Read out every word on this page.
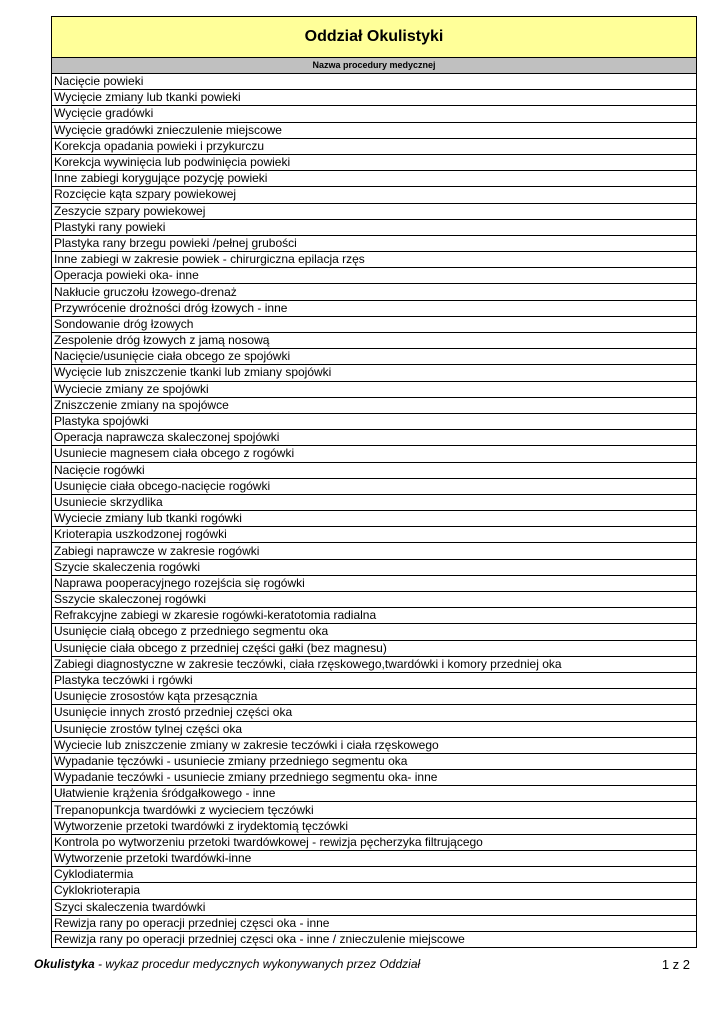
Oddział Okulistyki
Nazwa procedury medycznej
Nacięcie powieki
Wycięcie zmiany lub tkanki powieki
Wycięcie gradówki
Wycięcie gradówki znieczulenie miejscowe
Korekcja opadania powieki i przykurczu
Korekcja wywinięcia lub podwinięcia powieki
Inne zabiegi korygujące pozycję powieki
Rozcięcie kąta szpary powiekowej
Zeszycie szpary powiekowej
Plastyki rany powieki
Plastyka rany brzegu powieki /pełnej grubości
Inne zabiegi w zakresie powiek - chirurgiczna epilacja rzęs
Operacja powieki oka- inne
Nakłucie gruczołu łzowego-drenaż
Przywrócenie drożności dróg łzowych - inne
Sondowanie dróg łzowych
Zespolenie dróg łzowych z jamą nosową
Nacięcie/usunięcie ciała obcego ze spojówki
Wycięcie lub zniszczenie tkanki lub zmiany spojówki
Wyciecie zmiany ze spojówki
Zniszczenie zmiany na spojówce
Plastyka spojówki
Operacja naprawcza skaleczonej spojówki
Usuniecie magnesem ciała obcego z rogówki
Nacięcie rogówki
Usunięcie ciała obcego-nacięcie rogówki
Usuniecie skrzydlika
Wyciecie zmiany lub tkanki rogówki
Krioterapia uszkodzonej rogówki
Zabiegi naprawcze w zakresie rogówki
Szycie skaleczenia rogówki
Naprawa pooperacyjnego rozejścia się rogówki
Sszycie skaleczonej rogówki
Refrakcyjne zabiegi w zkaresie rogówki-keratotomia radialna
Usunięcie ciałą obcego z przedniego segmentu oka
Usunięcie ciała obcego z przedniej części gałki (bez magnesu)
Zabiegi diagnostyczne w zakresie teczówki, ciała rzęskowego,twardówki i komory przedniej oka
Plastyka teczówki i rgówki
Usunięcie zrosostów kąta przesącznia
Usunięcie innych zrostó przedniej części oka
Usunięcie zrostów tylnej części oka
Wyciecie lub zniszczenie zmiany w zakresie teczówki i ciała rzęskowego
Wypadanie tęczówki - usuniecie zmiany przedniego segmentu oka
Wypadanie teczówki - usuniecie zmiany przedniego segmentu oka- inne
Ułatwienie krążenia śródgałkowego - inne
Trepanopunkcja twardówki z wycieciem tęczówki
Wytworzenie przetoki twardówki z irydektomią tęczówki
Kontrola po wytworzeniu przetoki twardówkowej - rewizja pęcherzyka filtrującego
Wytworzenie przetoki twardówki-inne
Cyklodiatermia
Cyklokrioterapia
Szyci skaleczenia twardówki
Rewizja rany po operacji przedniej częsci oka - inne
Rewizja rany po operacji przedniej częsci oka - inne / znieczulenie miejscowe
Okulistyka - wykaz procedur medycznych wykonywanych przez Oddział	1 z 2
